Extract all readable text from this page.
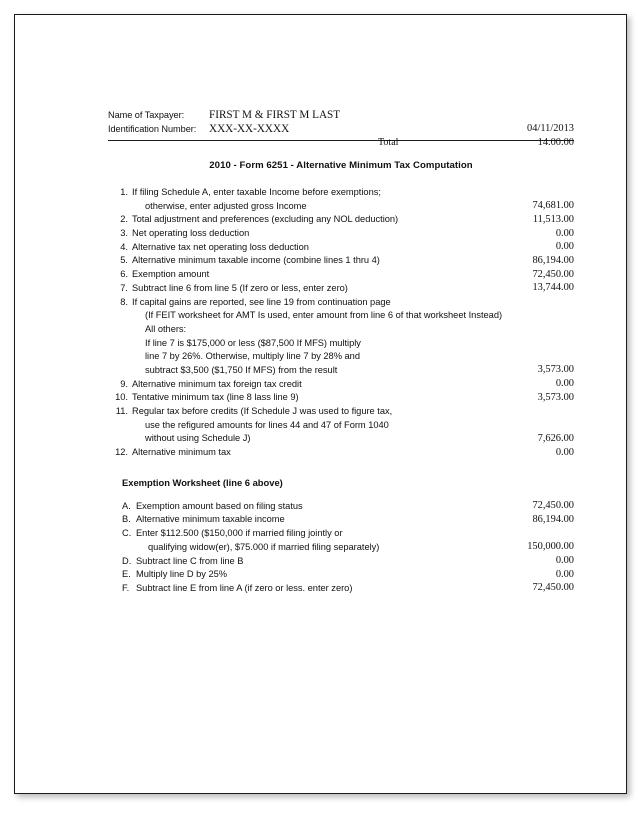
Name of Taxpayer:	FIRST M & FIRST M LAST
04/11/2013
Identification Number:	XXX-XX-XXXX
Total	14.00.00
2010 - Form 6251 - Alternative Minimum Tax Computation
1. If filing Schedule A, enter taxable Income before exemptions;
otherwise, enter adjusted gross Income	74,681.00
2. Total adjustment and preferences (excluding any NOL deduction)	11,513.00
3. Net operating loss deduction	0.00
4. Alternative tax net operating loss deduction	0.00
5. Alternative minimum taxable income (combine lines 1 thru 4)	86,194.00
6. Exemption amount	72,450.00
7. Subtract line 6 from line 5 (If zero or less, enter zero)	13,744.00
8. If capital gains are reported, see line 19 from continuation page
(If FEIT worksheet for AMT Is used, enter amount from line 6 of that worksheet Instead)
All others:
If line 7 is $175,000 or less ($87,500 If MFS) multiply
line 7 by 26%. Otherwise, multiply line 7 by 28% and
subtract $3,500 ($1,750 If MFS) from the result	3,573.00
9. Alternative minimum tax foreign tax credit	0.00
10. Tentative minimum tax (line 8 lass line 9)	3,573.00
11. Regular tax before credits (If Schedule J was used to figure tax,
use the refigured amounts for lines 44 and 47 of Form 1040
without using Schedule J)	7,626.00
12. Alternative minimum tax	0.00
Exemption Worksheet (line 6 above)
A. Exemption amount based on filing status	72,450.00
B. Alternative minimum taxable income	86,194.00
C. Enter $112.500 ($150,000 if married filing jointly or
qualifying widow(er), $75.000 if married filing separately)	150,000.00
D. Subtract line C from line B	0.00
E. Multiply line D by 25%	0.00
F. Subtract line E from line A (if zero or less. enter zero)	72,450.00
